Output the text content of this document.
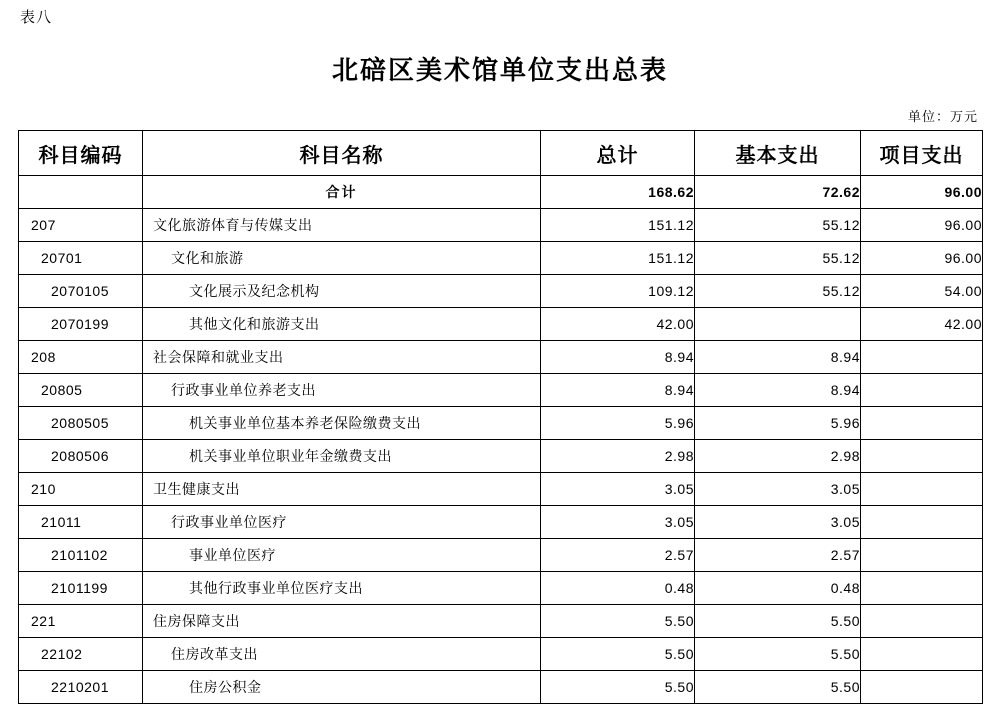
表八
北碚区美术馆单位支出总表
单位：万元
科目编码	科目名称	总计	基本支出	项目支出
	合计	168.62	72.62	96.00
207	文化旅游体育与传媒支出	151.12	55.12	96.00
20701	文化和旅游	151.12	55.12	96.00
2070105	文化展示及纪念机构	109.12	55.12	54.00
2070199	其他文化和旅游支出	42.00		42.00
208	社会保障和就业支出	8.94	8.94	
20805	行政事业单位养老支出	8.94	8.94	
2080505	机关事业单位基本养老保险缴费支出	5.96	5.96	
2080506	机关事业单位职业年金缴费支出	2.98	2.98	
210	卫生健康支出	3.05	3.05	
21011	行政事业单位医疗	3.05	3.05	
2101102	事业单位医疗	2.57	2.57	
2101199	其他行政事业单位医疗支出	0.48	0.48	
221	住房保障支出	5.50	5.50	
22102	住房改革支出	5.50	5.50	
2210201	住房公积金	5.50	5.50	
